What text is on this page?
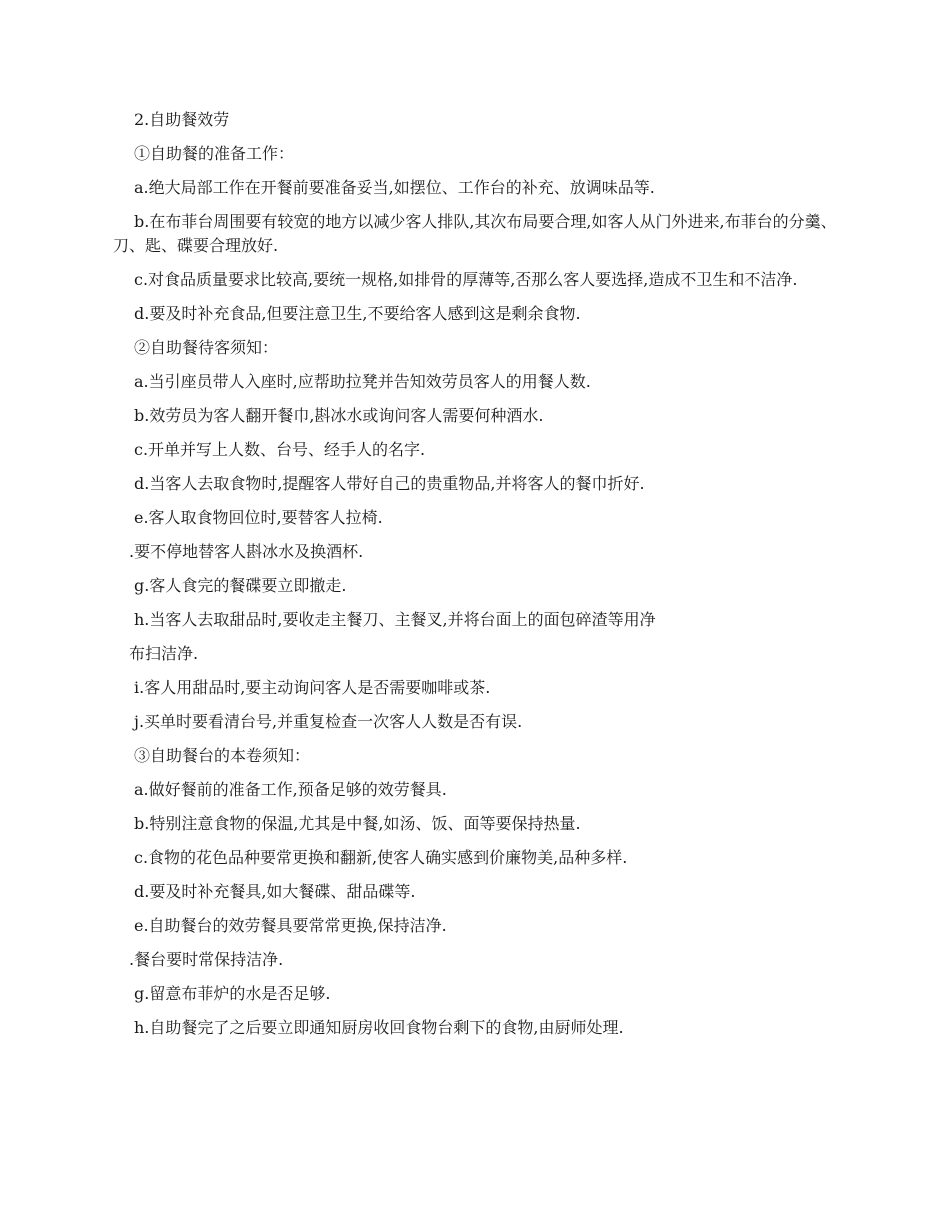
2.自助餐效劳

①自助餐的准备工作：

a.绝大局部工作在开餐前要准备妥当,如摆位、工作台的补充、放调味品等.

b.在布菲台周围要有较宽的地方以减少客人排队,其次布局要合理,如客人从门外进来,布菲台的分羹、刀、匙、碟要合理放好.

c.对食品质量要求比较高,要统一规格,如排骨的厚薄等,否那么客人要选择,造成不卫生和不洁净.

d.要及时补充食品,但要注意卫生,不要给客人感到这是剩余食物.

②自助餐待客须知：

a.当引座员带人入座时,应帮助拉凳并告知效劳员客人的用餐人数.

b.效劳员为客人翻开餐巾,斟冰水或询问客人需要何种酒水.

c.开单并写上人数、台号、经手人的名字.

d.当客人去取食物时,提醒客人带好自己的贵重物品,并将客人的餐巾折好.

e.客人取食物回位时,要替客人拉椅.

.要不停地替客人斟冰水及换酒杯.

g.客人食完的餐碟要立即撤走.

h.当客人去取甜品时,要收走主餐刀、主餐叉,并将台面上的面包碎渣等用净

布扫洁净.

i.客人用甜品时,要主动询问客人是否需要咖啡或茶.

j.买单时要看清台号,并重复检查一次客人人数是否有误.

③自助餐台的本卷须知：

a.做好餐前的准备工作,预备足够的效劳餐具.

b.特别注意食物的保温,尤其是中餐,如汤、饭、面等要保持热量.

c.食物的花色品种要常更换和翻新,使客人确实感到价廉物美,品种多样.

d.要及时补充餐具,如大餐碟、甜品碟等.

e.自助餐台的效劳餐具要常常更换,保持洁净.

.餐台要时常保持洁净.

g.留意布菲炉的水是否足够.

h.自助餐完了之后要立即通知厨房收回食物台剩下的食物,由厨师处理.
